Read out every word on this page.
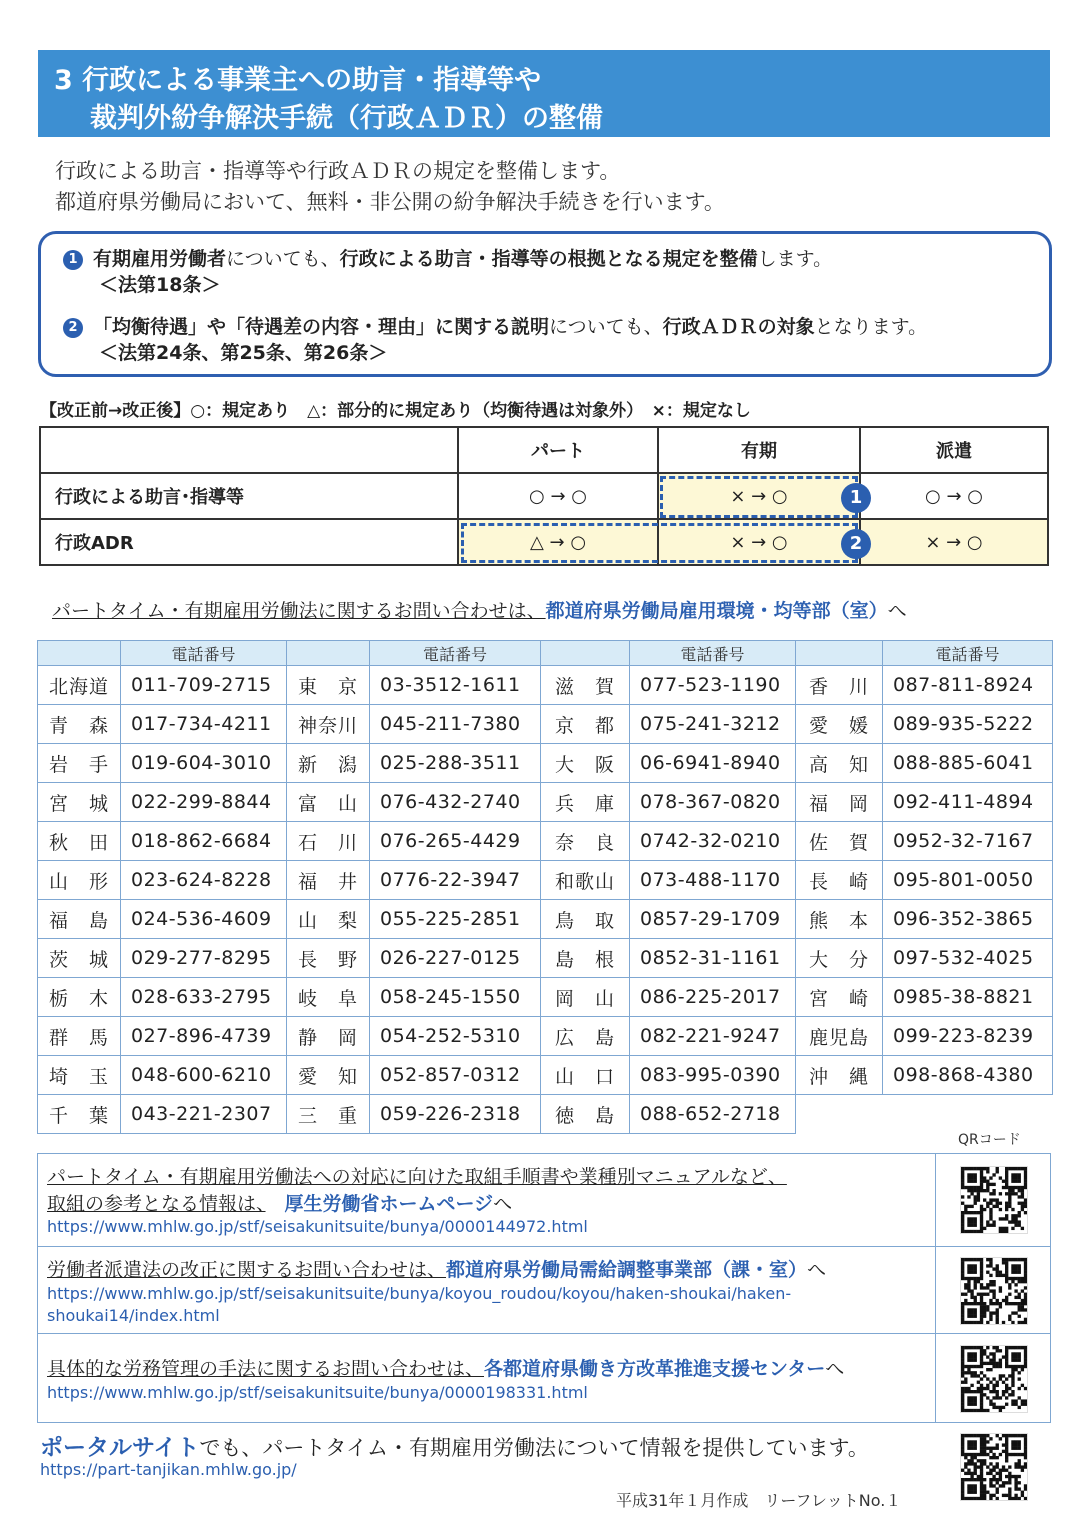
3 行政による事業主への助言・指導等や
裁判外紛争解決手続（行政ＡＤＲ）の整備
行政による助言・指導等や行政ＡＤＲの規定を整備します。
都道府県労働局において、無料・非公開の紛争解決手続きを行います。
1 有期雇用労働者についても、行政による助言・指導等の根拠となる規定を整備します。
＜法第18条＞
2 「均衡待遇」や「待遇差の内容・理由」に関する説明についても、行政ＡＤＲの対象となります。
＜法第24条、第25条、第26条＞
【改正前→改正後】○：規定あり　△：部分的に規定あり（均衡待遇は対象外）　×：規定なし
	パート	有期	派遣
行政による助言･指導等	○ → ○	× → ○	○ → ○
行政ADR	△ → ○	× → ○	× → ○
1
2
パートタイム・有期雇用労働法に関するお問い合わせは、都道府県労働局雇用環境・均等部（室）へ
	電話番号		電話番号		電話番号		電話番号
北海道	011-709-2715	東　京	03-3512-1611	滋　賀	077-523-1190	香　川	087-811-8924
青　森	017-734-4211	神奈川	045-211-7380	京　都	075-241-3212	愛　媛	089-935-5222
岩　手	019-604-3010	新　潟	025-288-3511	大　阪	06-6941-8940	高　知	088-885-6041
宮　城	022-299-8844	富　山	076-432-2740	兵　庫	078-367-0820	福　岡	092-411-4894
秋　田	018-862-6684	石　川	076-265-4429	奈　良	0742-32-0210	佐　賀	0952-32-7167
山　形	023-624-8228	福　井	0776-22-3947	和歌山	073-488-1170	長　崎	095-801-0050
福　島	024-536-4609	山　梨	055-225-2851	鳥　取	0857-29-1709	熊　本	096-352-3865
茨　城	029-277-8295	長　野	026-227-0125	島　根	0852-31-1161	大　分	097-532-4025
栃　木	028-633-2795	岐　阜	058-245-1550	岡　山	086-225-2017	宮　崎	0985-38-8821
群　馬	027-896-4739	静　岡	054-252-5310	広　島	082-221-9247	鹿児島	099-223-8239
埼　玉	048-600-6210	愛　知	052-857-0312	山　口	083-995-0390	沖　縄	098-868-4380
千　葉	043-221-2307	三　重	059-226-2318	徳　島	088-652-2718		
QRコード
パートタイム・有期雇用労働法への対応に向けた取組手順書や業種別マニュアルなど、
取組の参考となる情報は、　 厚生労働省ホームページへ
https://www.mhlw.go.jp/stf/seisakunitsuite/bunya/0000144972.html
労働者派遣法の改正に関するお問い合わせは、都道府県労働局需給調整事業部（課・室）へ
https://www.mhlw.go.jp/stf/seisakunitsuite/bunya/koyou_roudou/koyou/haken-shoukai/haken-
shoukai14/index.html
具体的な労務管理の手法に関するお問い合わせは、各都道府県働き方改革推進支援センターへ
https://www.mhlw.go.jp/stf/seisakunitsuite/bunya/0000198331.html
ポータルサイトでも、パートタイム・有期雇用労働法について情報を提供しています。
https://part-tanjikan.mhlw.go.jp/
平成31年１月作成　リーフレットNo.１
